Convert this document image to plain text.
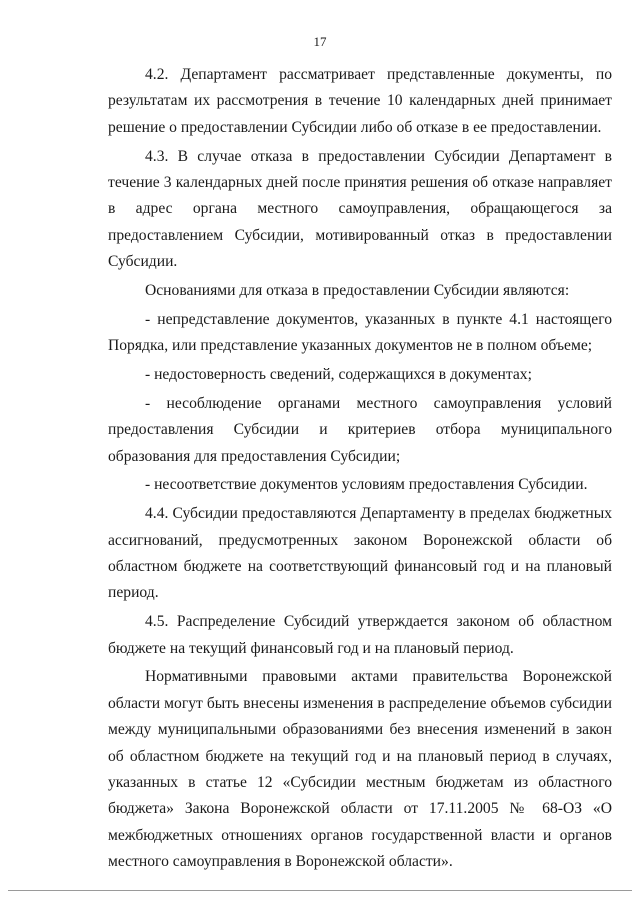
17

4.2. Департамент рассматривает представленные документы, по результатам их рассмотрения в течение 10 календарных дней принимает решение о предоставлении Субсидии либо об отказе в ее предоставлении.

4.3. В случае отказа в предоставлении Субсидии Департамент в течение 3 календарных дней после принятия решения об отказе направляет в адрес органа местного самоуправления, обращающегося за предоставлением Субсидии, мотивированный отказ в предоставлении Субсидии.

Основаниями для отказа в предоставлении Субсидии являются:

- непредставление документов, указанных в пункте 4.1 настоящего Порядка, или представление указанных документов не в полном объеме;

- недостоверность сведений, содержащихся в документах;

- несоблюдение органами местного самоуправления условий предоставления Субсидии и критериев отбора муниципального образования для предоставления Субсидии;

- несоответствие документов условиям предоставления Субсидии.

4.4. Субсидии предоставляются Департаменту в пределах бюджетных ассигнований, предусмотренных законом Воронежской области об областном бюджете на соответствующий финансовый год и на плановый период.

4.5. Распределение Субсидий утверждается законом об областном бюджете на текущий финансовый год и на плановый период.

Нормативными правовыми актами правительства Воронежской области могут быть внесены изменения в распределение объемов субсидии между муниципальными образованиями без внесения изменений в закон об областном бюджете на текущий год и на плановый период в случаях, указанных в статье 12 «Субсидии местным бюджетам из областного бюджета» Закона Воронежской области от 17.11.2005 № 68-ОЗ «О межбюджетных отношениях органов государственной власти и органов местного самоуправления в Воронежской области».
